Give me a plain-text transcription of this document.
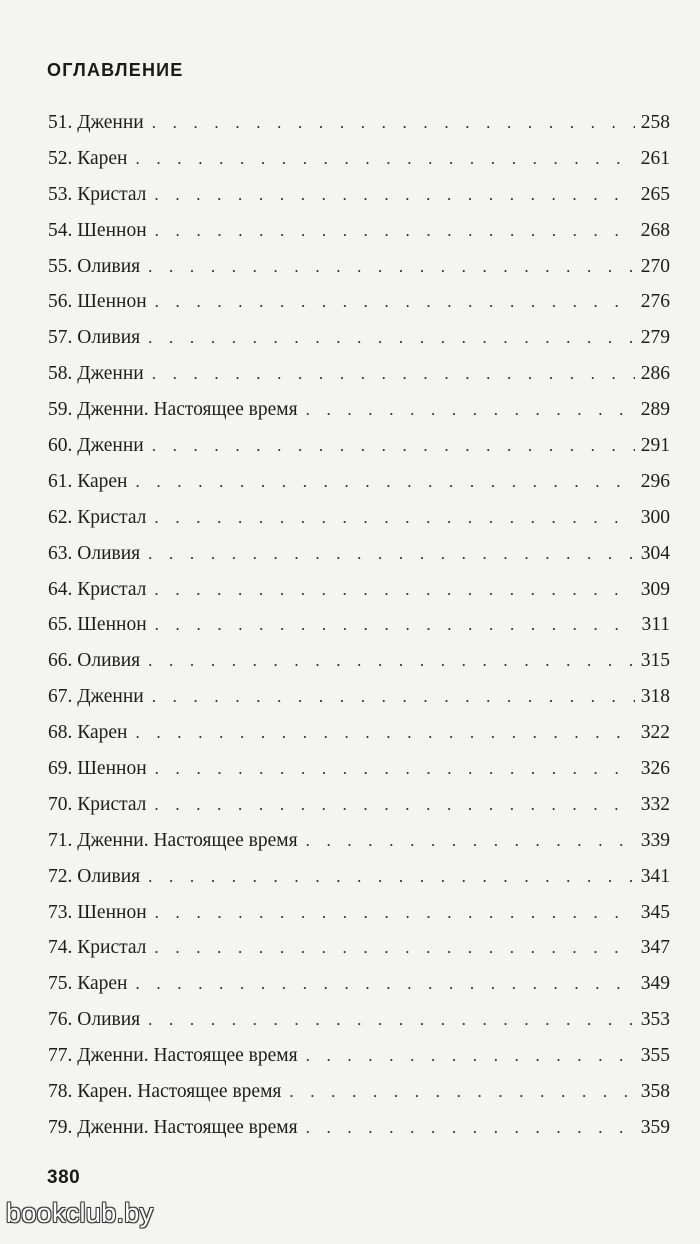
ОГЛАВЛЕНИЕ
51. Дженни . . .	258
52. Карен . . .	261
53. Кристал . . .	265
54. Шеннон . . .	268
55. Оливия . . .	270
56. Шеннон . . .	276
57. Оливия . . .	279
58. Дженни . . .	286
59. Дженни. Настоящее время . . .	289
60. Дженни . . .	291
61. Карен . . .	296
62. Кристал . . .	300
63. Оливия . . .	304
64. Кристал . . .	309
65. Шеннон . . .	311
66. Оливия . . .	315
67. Дженни . . .	318
68. Карен . . .	322
69. Шеннон . . .	326
70. Кристал . . .	332
71. Дженни. Настоящее время . . .	339
72. Оливия . . .	341
73. Шеннон . . .	345
74. Кристал . . .	347
75. Карен . . .	349
76. Оливия . . .	353
77. Дженни. Настоящее время . . .	355
78. Карен. Настоящее время . . .	358
79. Дженни. Настоящее время . . .	359
380
bookclub.by
